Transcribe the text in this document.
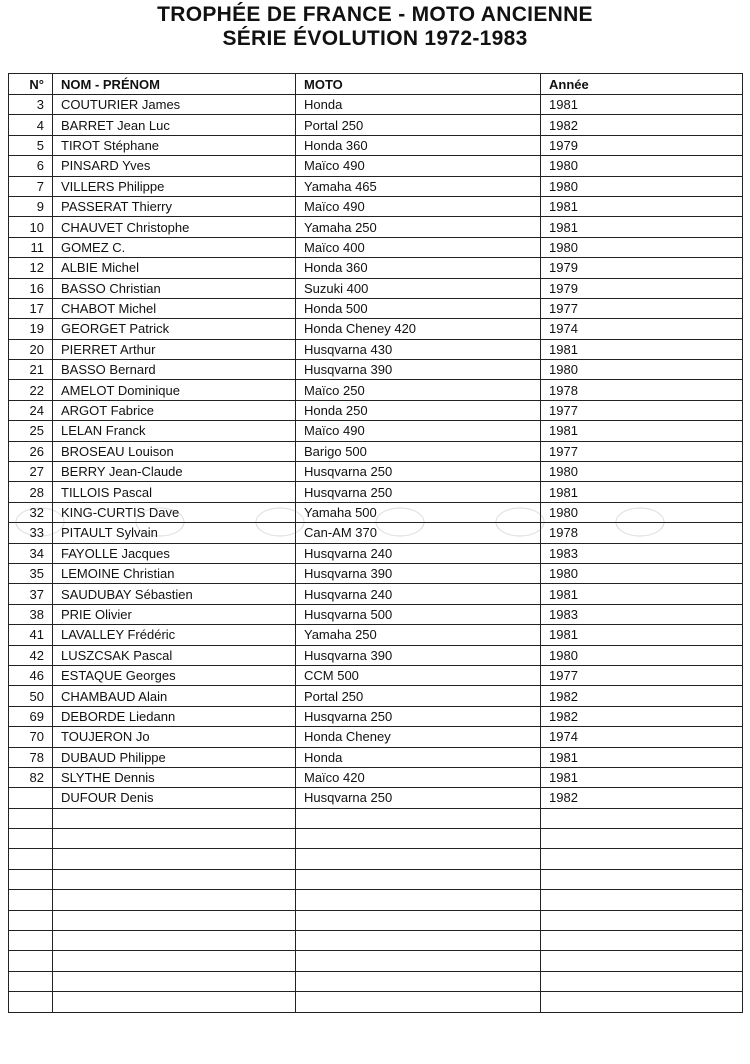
TROPHÉE DE FRANCE - MOTO ANCIENNE
SÉRIE ÉVOLUTION 1972-1983
N°	NOM - PRÉNOM	MOTO	Année
3	COUTURIER James	Honda	1981
4	BARRET Jean Luc	Portal 250	1982
5	TIROT Stéphane	Honda 360	1979
6	PINSARD Yves	Maïco 490	1980
7	VILLERS Philippe	Yamaha 465	1980
9	PASSERAT Thierry	Maïco 490	1981
10	CHAUVET Christophe	Yamaha 250	1981
11	GOMEZ C.	Maïco 400	1980
12	ALBIE Michel	Honda 360	1979
16	BASSO Christian	Suzuki 400	1979
17	CHABOT Michel	Honda 500	1977
19	GEORGET Patrick	Honda Cheney 420	1974
20	PIERRET Arthur	Husqvarna 430	1981
21	BASSO Bernard	Husqvarna 390	1980
22	AMELOT Dominique	Maïco 250	1978
24	ARGOT Fabrice	Honda 250	1977
25	LELAN Franck	Maïco 490	1981
26	BROSEAU Louison	Barigo 500	1977
27	BERRY Jean-Claude	Husqvarna 250	1980
28	TILLOIS Pascal	Husqvarna 250	1981
32	KING-CURTIS Dave	Yamaha 500	1980
33	PITAULT Sylvain	Can-AM 370	1978
34	FAYOLLE Jacques	Husqvarna 240	1983
35	LEMOINE Christian	Husqvarna 390	1980
37	SAUDUBAY Sébastien	Husqvarna 240	1981
38	PRIE Olivier	Husqvarna 500	1983
41	LAVALLEY Frédéric	Yamaha 250	1981
42	LUSZCSAK Pascal	Husqvarna 390	1980
46	ESTAQUE Georges	CCM 500	1977
50	CHAMBAUD Alain	Portal 250	1982
69	DEBORDE Liedann	Husqvarna 250	1982
70	TOUJERON Jo	Honda Cheney	1974
78	DUBAUD Philippe	Honda	1981
82	SLYTHE Dennis	Maïco 420	1981
	DUFOUR Denis	Husqvarna 250	1982
